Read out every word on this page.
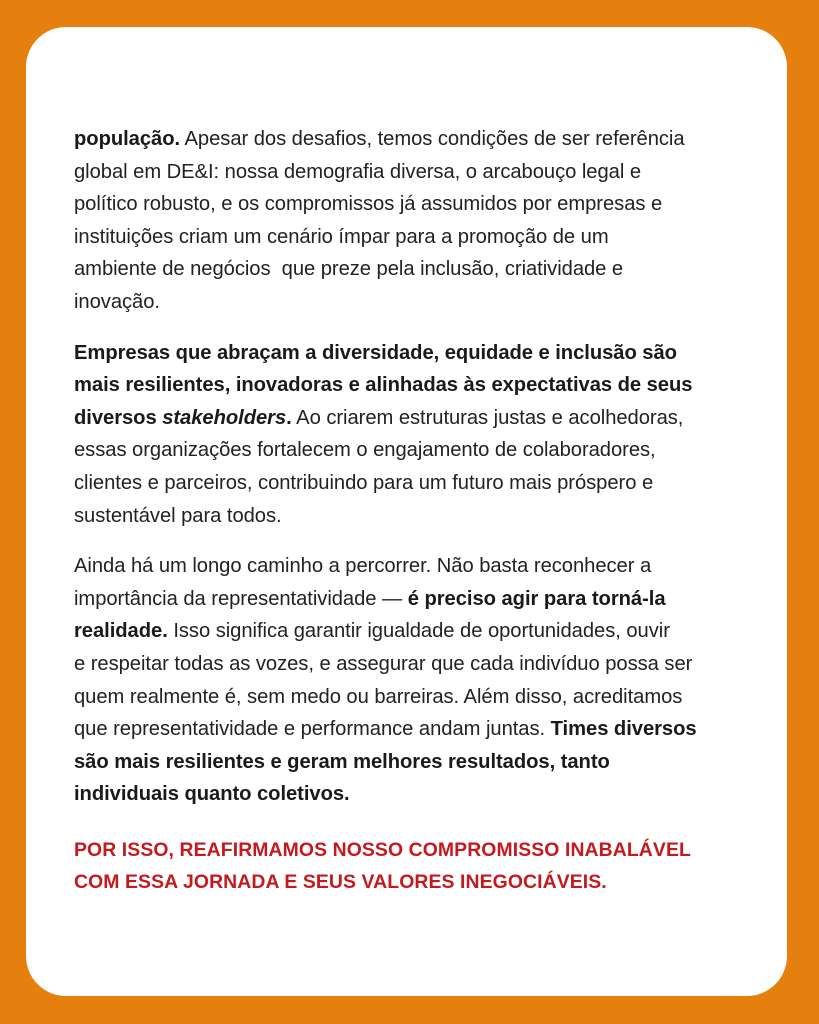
população. Apesar dos desafios, temos condições de ser referência
global em DE&I: nossa demografia diversa, o arcabouço legal e
político robusto, e os compromissos já assumidos por empresas e
instituições criam um cenário ímpar para a promoção de um
ambiente de negócios  que preze pela inclusão, criatividade e
inovação.

Empresas que abraçam a diversidade, equidade e inclusão são
mais resilientes, inovadoras e alinhadas às expectativas de seus
diversos stakeholders. Ao criarem estruturas justas e acolhedoras,
essas organizações fortalecem o engajamento de colaboradores,
clientes e parceiros, contribuindo para um futuro mais próspero e
sustentável para todos.

Ainda há um longo caminho a percorrer. Não basta reconhecer a
importância da representatividade — é preciso agir para torná-la
realidade. Isso significa garantir igualdade de oportunidades, ouvir
e respeitar todas as vozes, e assegurar que cada indivíduo possa ser
quem realmente é, sem medo ou barreiras. Além disso, acreditamos
que representatividade e performance andam juntas. Times diversos
são mais resilientes e geram melhores resultados, tanto
individuais quanto coletivos.

POR ISSO, REAFIRMAMOS NOSSO COMPROMISSO INABALÁVEL
COM ESSA JORNADA E SEUS VALORES INEGOCIÁVEIS.
